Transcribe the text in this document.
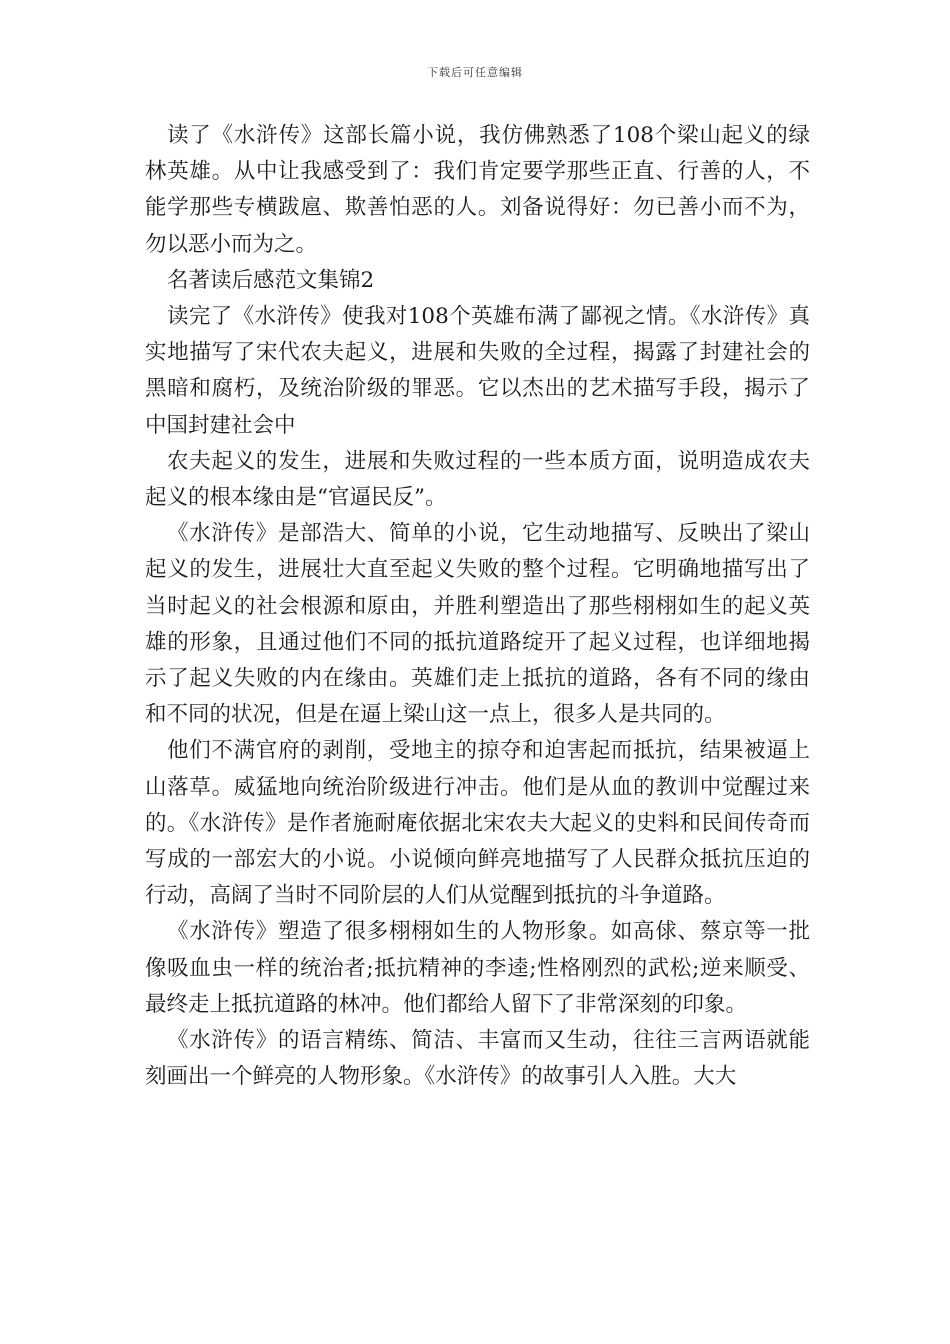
下载后可任意编辑

读了《水浒传》这部长篇小说，我仿佛熟悉了108个梁山起义的绿林英雄。从中让我感受到了：我们肯定要学那些正直、行善的人，不能学那些专横跋扈、欺善怕恶的人。刘备说得好：勿已善小而不为，勿以恶小而为之。

名著读后感范文集锦2

读完了《水浒传》使我对108个英雄布满了鄙视之情。《水浒传》真实地描写了宋代农夫起义，进展和失败的全过程，揭露了封建社会的黑暗和腐朽，及统治阶级的罪恶。它以杰出的艺术描写手段，揭示了中国封建社会中

农夫起义的发生，进展和失败过程的一些本质方面，说明造成农夫起义的根本缘由是“官逼民反”。

《水浒传》是部浩大、简单的小说，它生动地描写、反映出了梁山起义的发生，进展壮大直至起义失败的整个过程。它明确地描写出了当时起义的社会根源和原由，并胜利塑造出了那些栩栩如生的起义英雄的形象，且通过他们不同的抵抗道路绽开了起义过程，也详细地揭示了起义失败的内在缘由。英雄们走上抵抗的道路，各有不同的缘由和不同的状况，但是在逼上梁山这一点上，很多人是共同的。

他们不满官府的剥削，受地主的掠夺和迫害起而抵抗，结果被逼上山落草。威猛地向统治阶级进行冲击。他们是从血的教训中觉醒过来的。《水浒传》是作者施耐庵依据北宋农夫大起义的史料和民间传奇而写成的一部宏大的小说。小说倾向鲜亮地描写了人民群众抵抗压迫的行动，高阔了当时不同阶层的人们从觉醒到抵抗的斗争道路。

《水浒传》塑造了很多栩栩如生的人物形象。如高俅、蔡京等一批像吸血虫一样的统治者;抵抗精神的李逵;性格刚烈的武松;逆来顺受、最终走上抵抗道路的林冲。他们都给人留下了非常深刻的印象。

《水浒传》的语言精练、简洁、丰富而又生动，往往三言两语就能刻画出一个鲜亮的人物形象。《水浒传》的故事引人入胜。大大
